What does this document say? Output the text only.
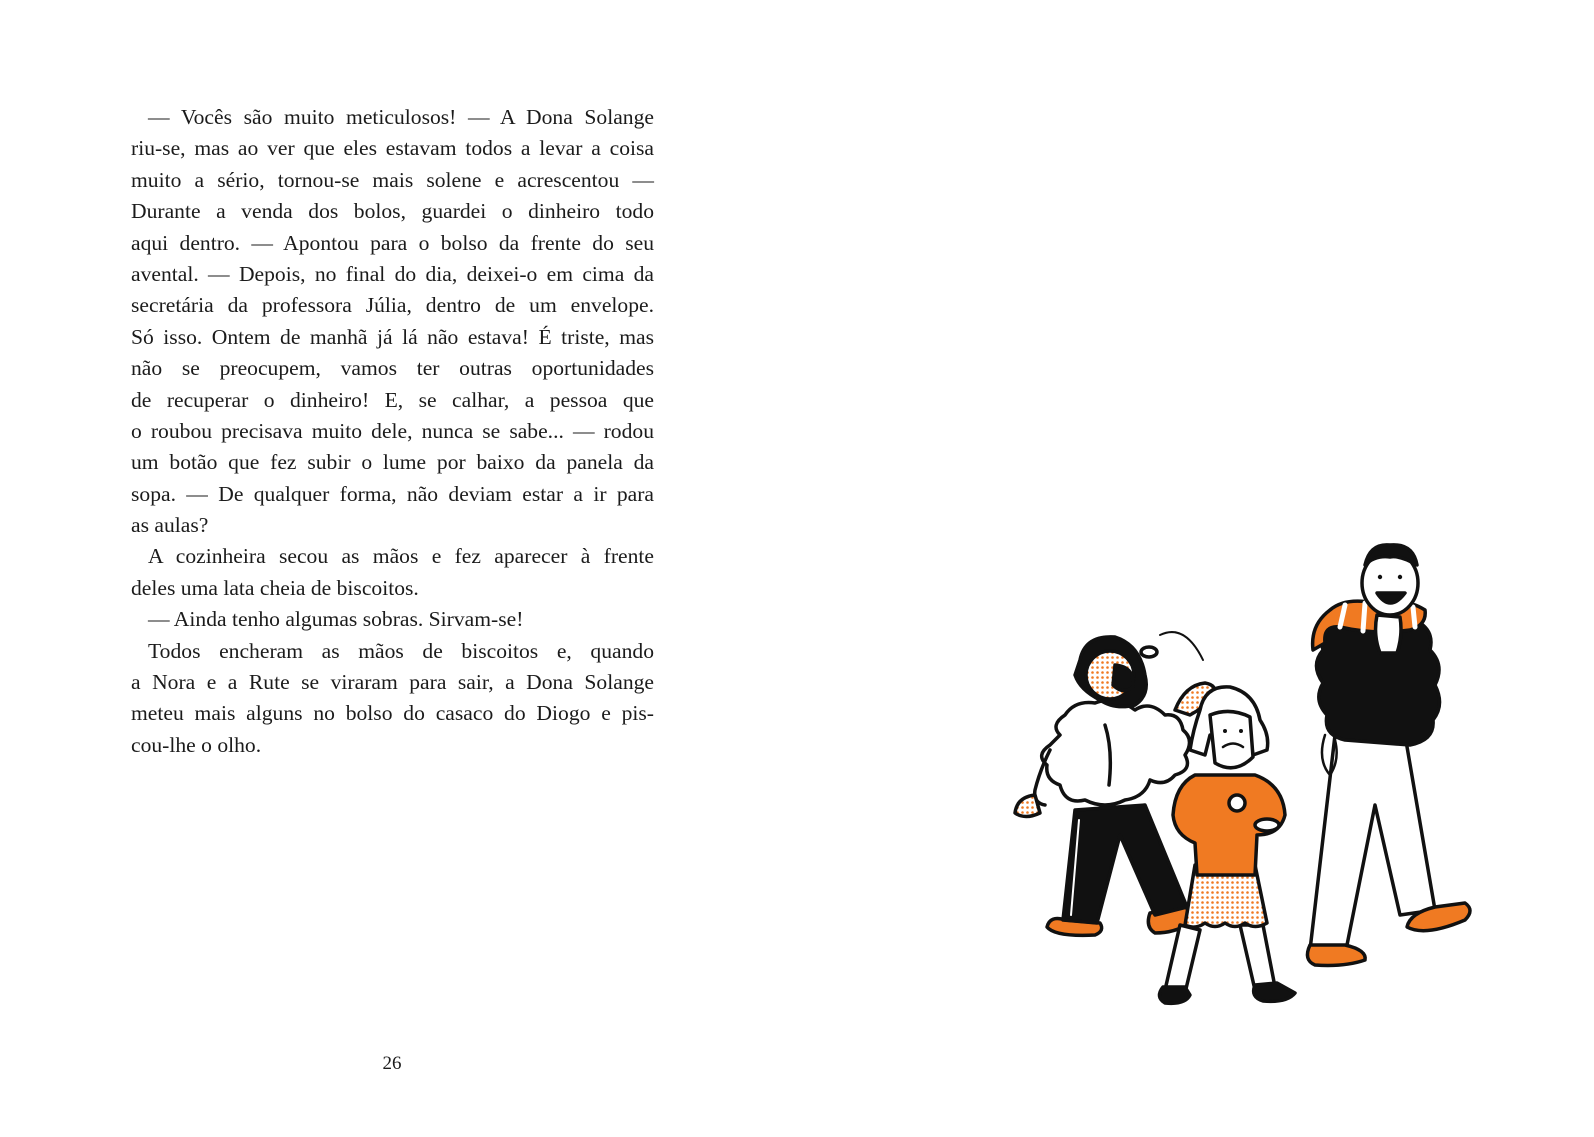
— Vocês são muito meticulosos! — A Dona Solange
riu-se, mas ao ver que eles estavam todos a levar a coisa
muito a sério, tornou-se mais solene e acrescentou —
Durante a venda dos bolos, guardei o dinheiro todo
aqui dentro. — Apontou para o bolso da frente do seu
avental. — Depois, no final do dia, deixei-o em cima da
secretária da professora Júlia, dentro de um envelope.
Só isso. Ontem de manhã já lá não estava! É triste, mas
não se preocupem, vamos ter outras oportunidades
de recuperar o dinheiro! E, se calhar, a pessoa que
o roubou precisava muito dele, nunca se sabe... — rodou
um botão que fez subir o lume por baixo da panela da
sopa. — De qualquer forma, não deviam estar a ir para
as aulas?
A cozinheira secou as mãos e fez aparecer à frente
deles uma lata cheia de biscoitos.
— Ainda tenho algumas sobras. Sirvam-se!
Todos encheram as mãos de biscoitos e, quando
a Nora e a Rute se viraram para sair, a Dona Solange
meteu mais alguns no bolso do casaco do Diogo e pis-
cou-lhe o olho.
26
